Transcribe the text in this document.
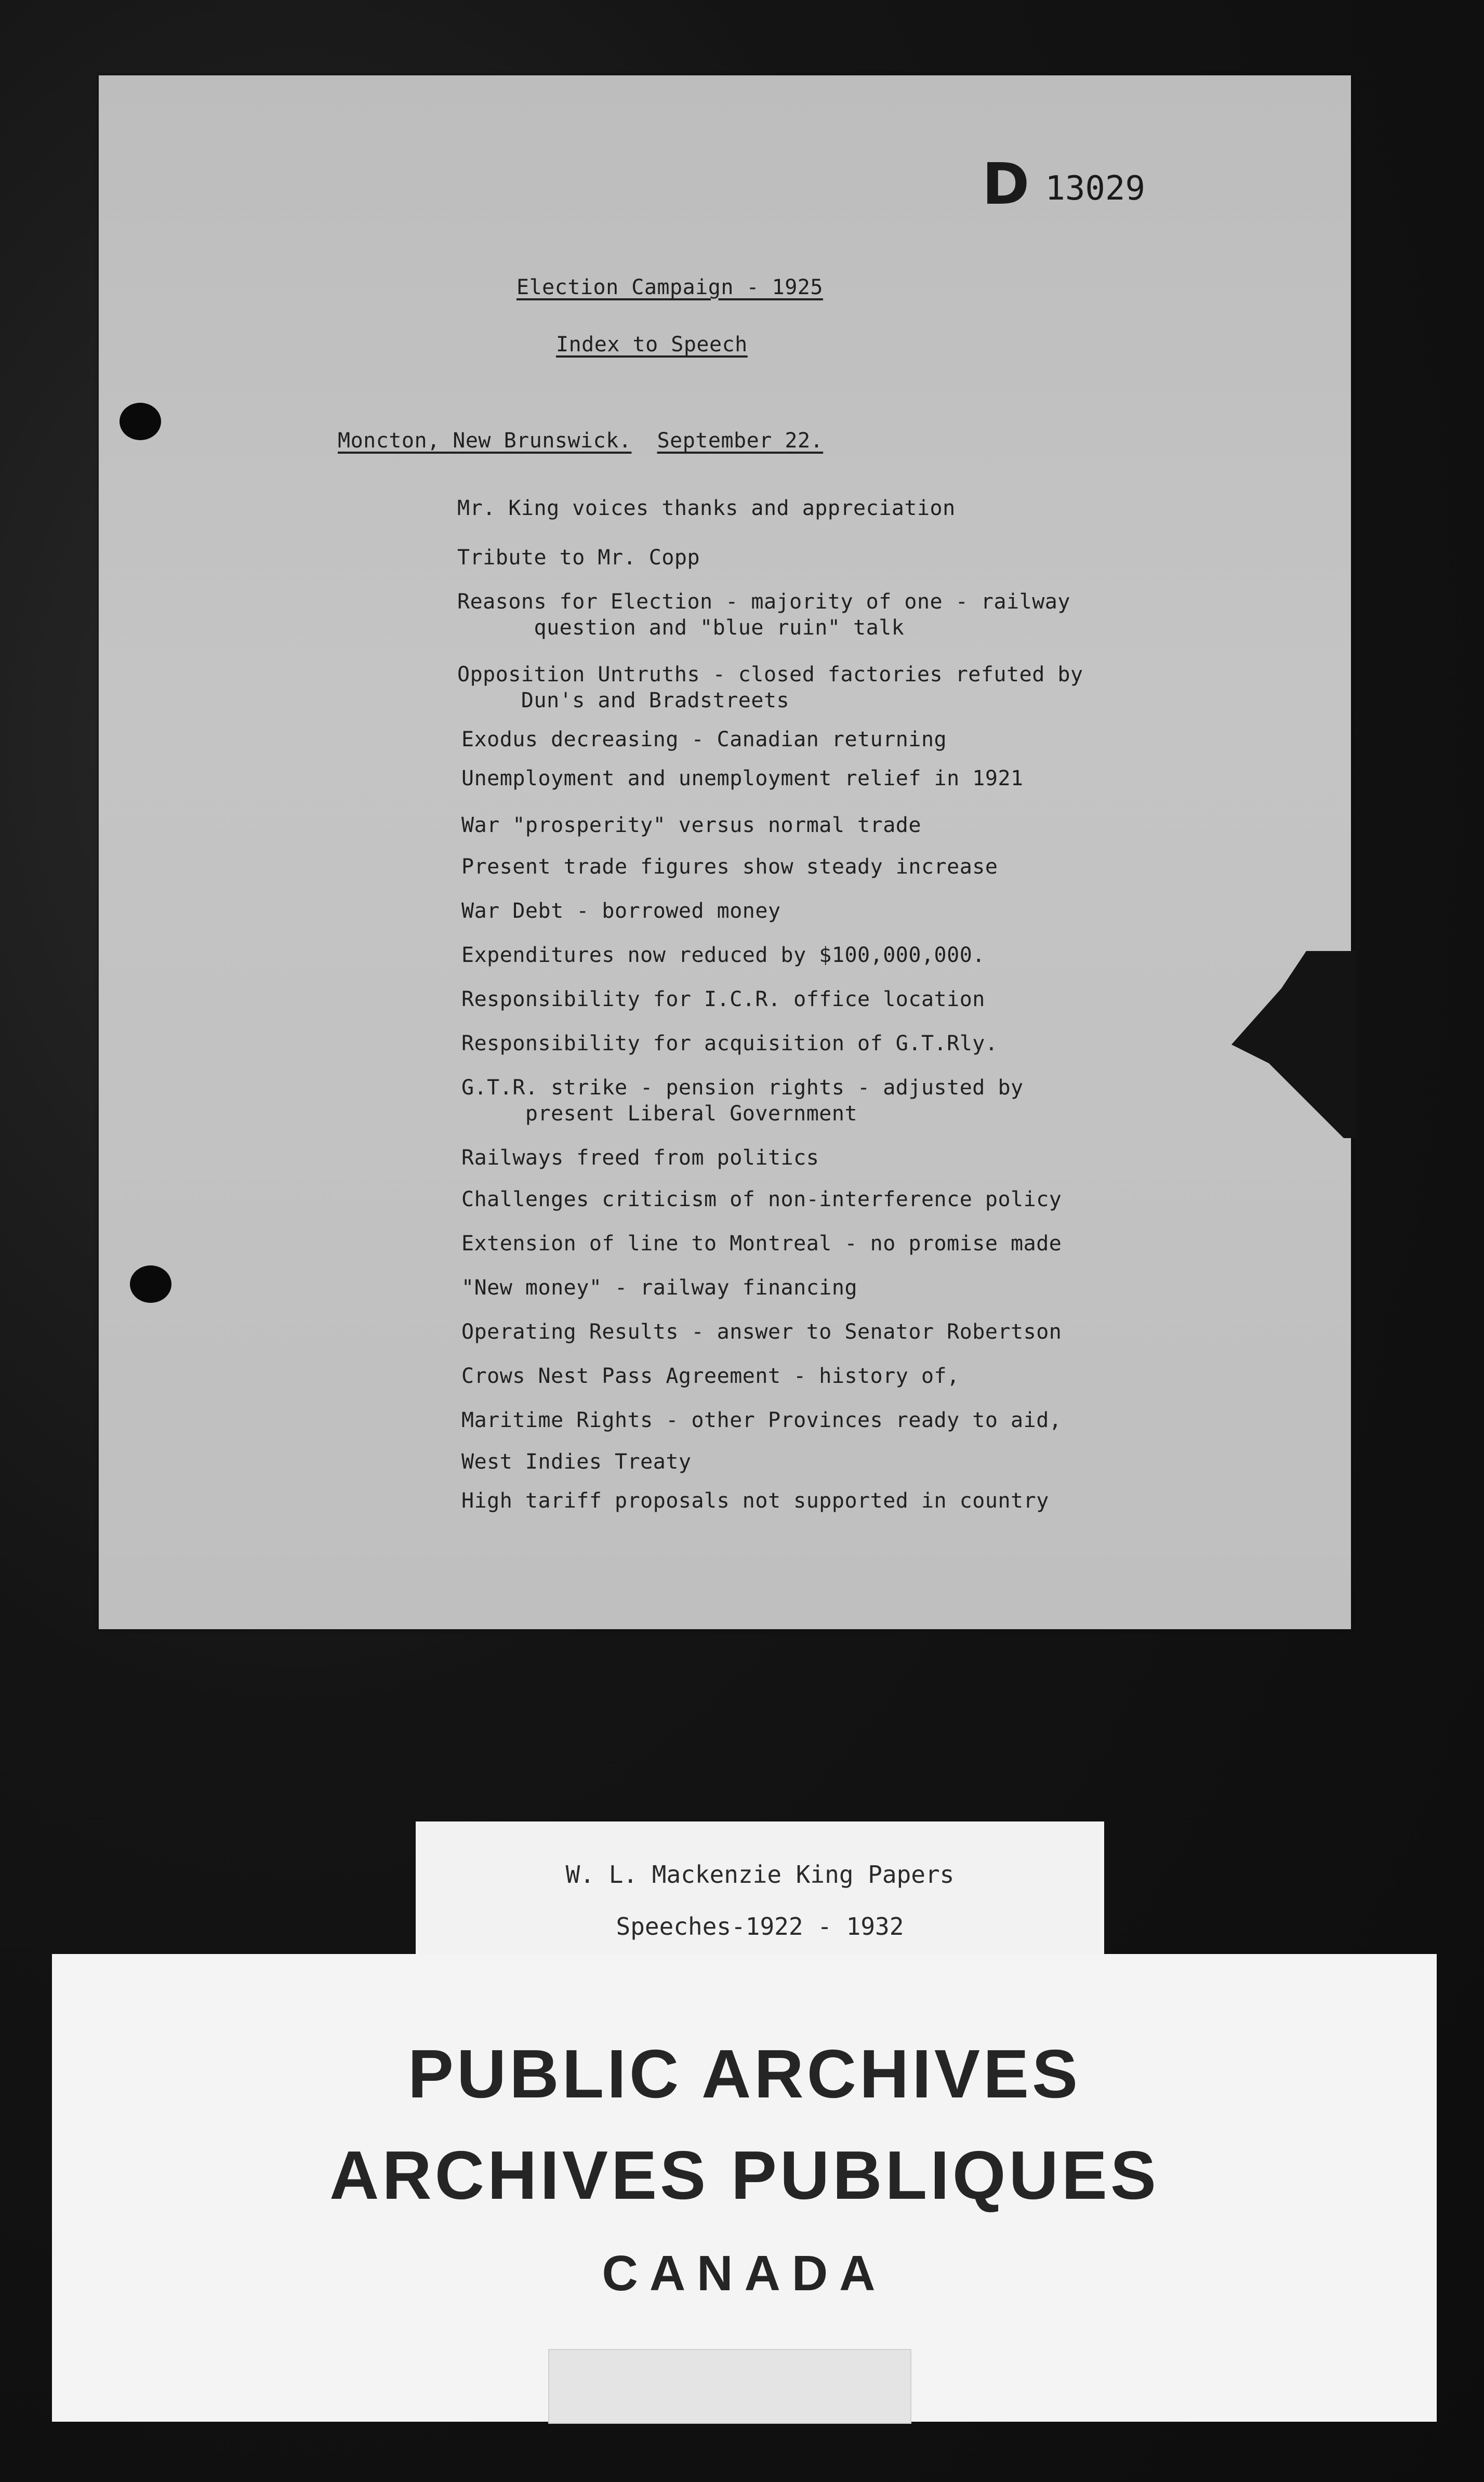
D 13029
Election Campaign - 1925
Index to Speech
Moncton, New Brunswick. September 22.
Mr. King voices thanks and appreciation
Tribute to Mr. Copp
Reasons for Election - majority of one - railway
question and "blue ruin" talk
Opposition Untruths - closed factories refuted by
Dun's and Bradstreets
Exodus decreasing - Canadian returning
Unemployment and unemployment relief in 1921
War "prosperity" versus normal trade
Present trade figures show steady increase
War Debt - borrowed money
Expenditures now reduced by $100,000,000.
Responsibility for I.C.R. office location
Responsibility for acquisition of G.T.Rly.
G.T.R. strike - pension rights - adjusted by
present Liberal Government
Railways freed from politics
Challenges criticism of non-interference policy
Extension of line to Montreal - no promise made
"New money" - railway financing
Operating Results - answer to Senator Robertson
Crows Nest Pass Agreement - history of,
Maritime Rights - other Provinces ready to aid,
West Indies Treaty
High tariff proposals not supported in country
W. L. Mackenzie King Papers
Speeches-1922 - 1932
PUBLIC ARCHIVES
ARCHIVES PUBLIQUES
CANADA
